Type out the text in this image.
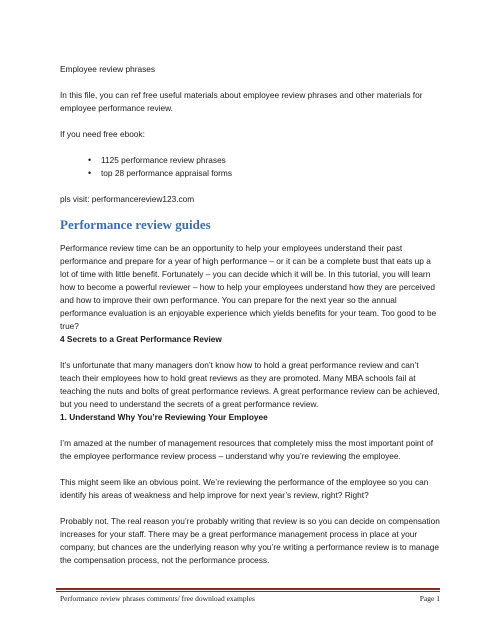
Employee review phrases

In this file, you can ref free useful materials about employee review phrases and other materials for employee performance review.

If you need free ebook:

• 1125 performance review phrases
• top 28 performance appraisal forms

pls visit: performancereview123.com

Performance review guides

Performance review time can be an opportunity to help your employees understand their past performance and prepare for a year of high performance – or it can be a complete bust that eats up a lot of time with little benefit. Fortunately – you can decide which it will be. In this tutorial, you will learn how to become a powerful reviewer – how to help your employees understand how they are perceived and how to improve their own performance. You can prepare for the next year so the annual performance evaluation is an enjoyable experience which yields benefits for your team. Too good to be true?

4 Secrets to a Great Performance Review

It’s unfortunate that many managers don’t know how to hold a great performance review and can’t teach their employees how to hold great reviews as they are promoted. Many MBA schools fail at teaching the nuts and bolts of great performance reviews. A great performance review can be achieved, but you need to understand the secrets of a great performance review.

1. Understand Why You’re Reviewing Your Employee

I’m amazed at the number of management resources that completely miss the most important point of the employee performance review process – understand why you’re reviewing the employee.

This might seem like an obvious point. We’re reviewing the performance of the employee so you can identify his areas of weakness and help improve for next year’s review, right? Right?

Probably not. The real reason you’re probably writing that review is so you can decide on compensation increases for your staff. There may be a great performance management process in place at your company, but chances are the underlying reason why you’re writing a performance review is to manage the compensation process, not the performance process.

Performance review phrases comments/ free download examples	Page 1
